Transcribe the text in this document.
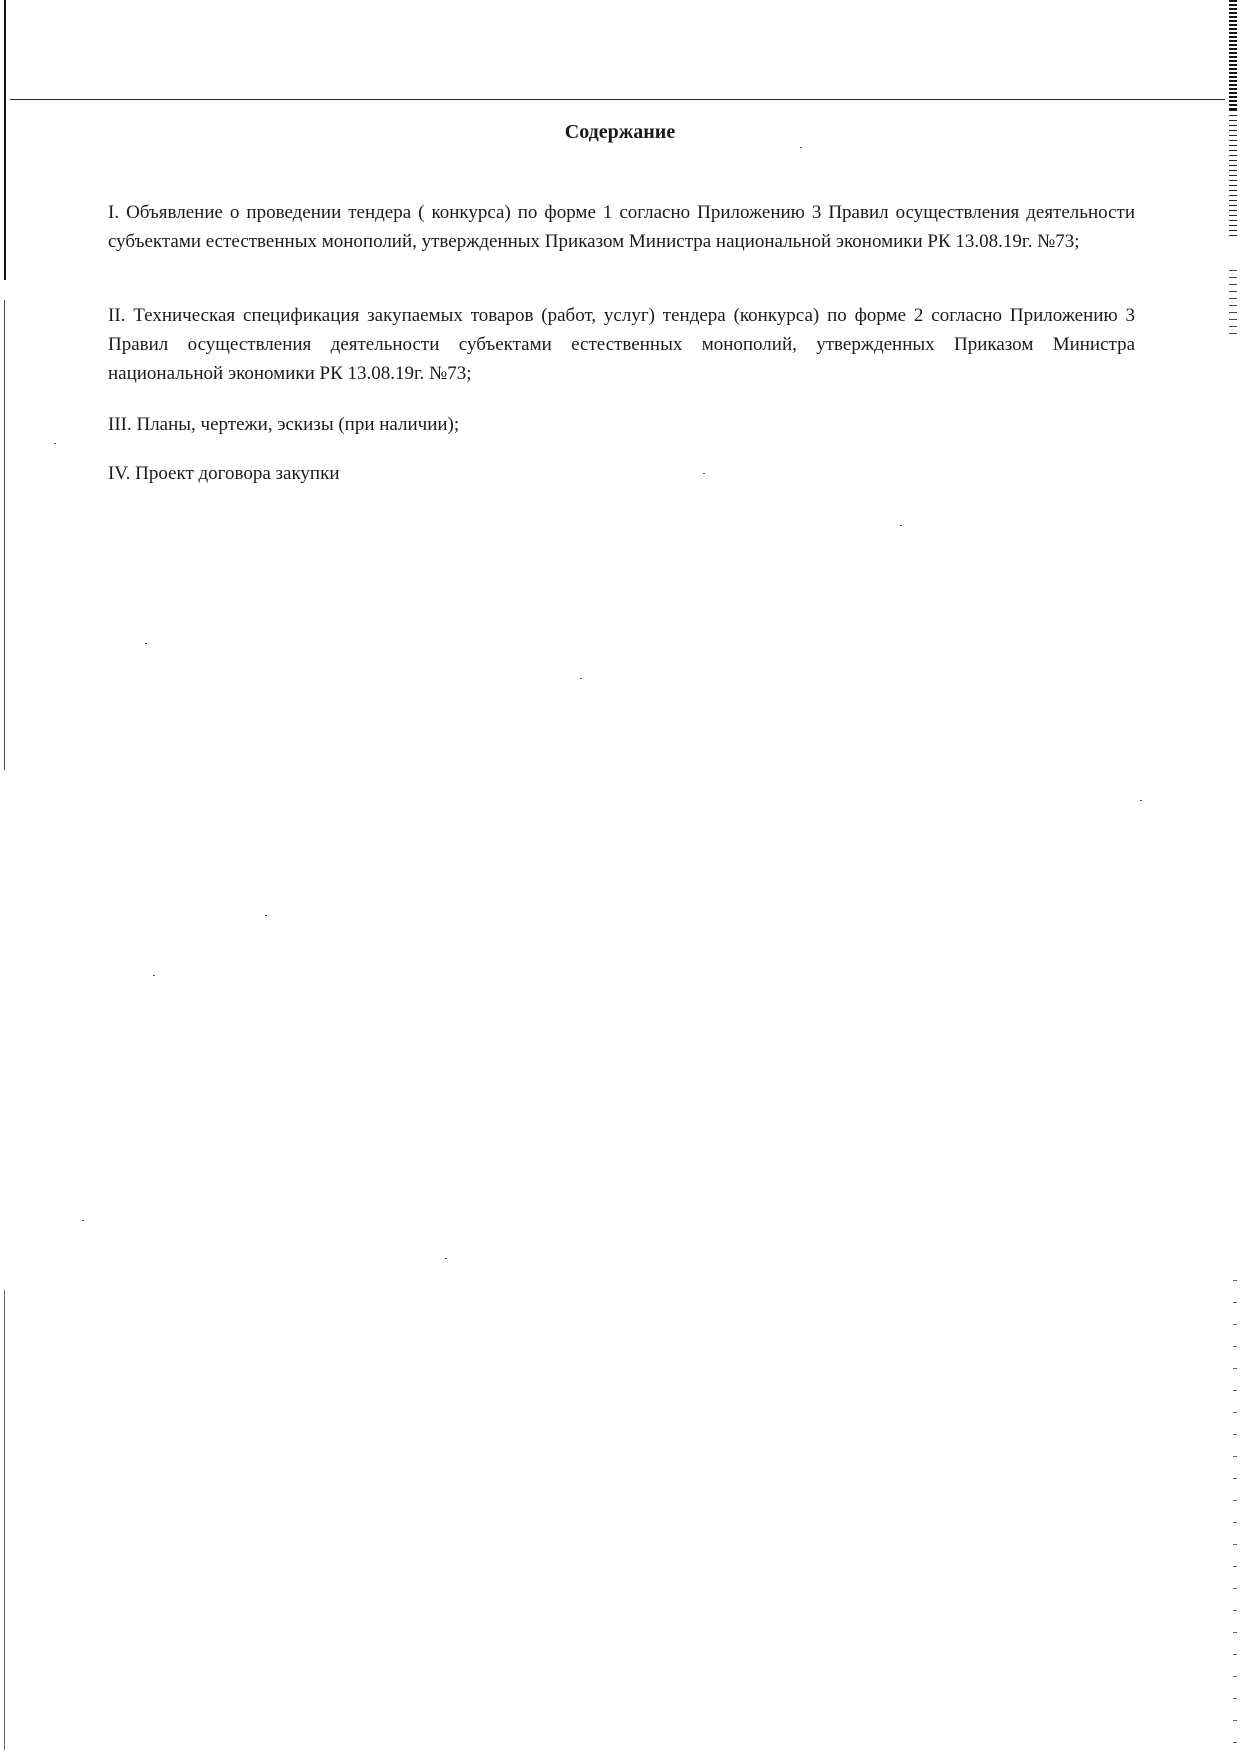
Содержание

I. Объявление о проведении тендера ( конкурса) по форме 1 согласно Приложению 3 Правил осуществления деятельности субъектами естественных монополий, утвержденных Приказом Министра национальной экономики РК 13.08.19г. №73;

II. Техническая спецификация закупаемых товаров (работ, услуг) тендера (конкурса) по форме 2 согласно Приложению 3 Правил осуществления деятельности субъектами естественных монополий, утвержденных Приказом Министра национальной экономики РК 13.08.19г. №73;

III. Планы, чертежи, эскизы (при наличии);

IV. Проект договора закупки
